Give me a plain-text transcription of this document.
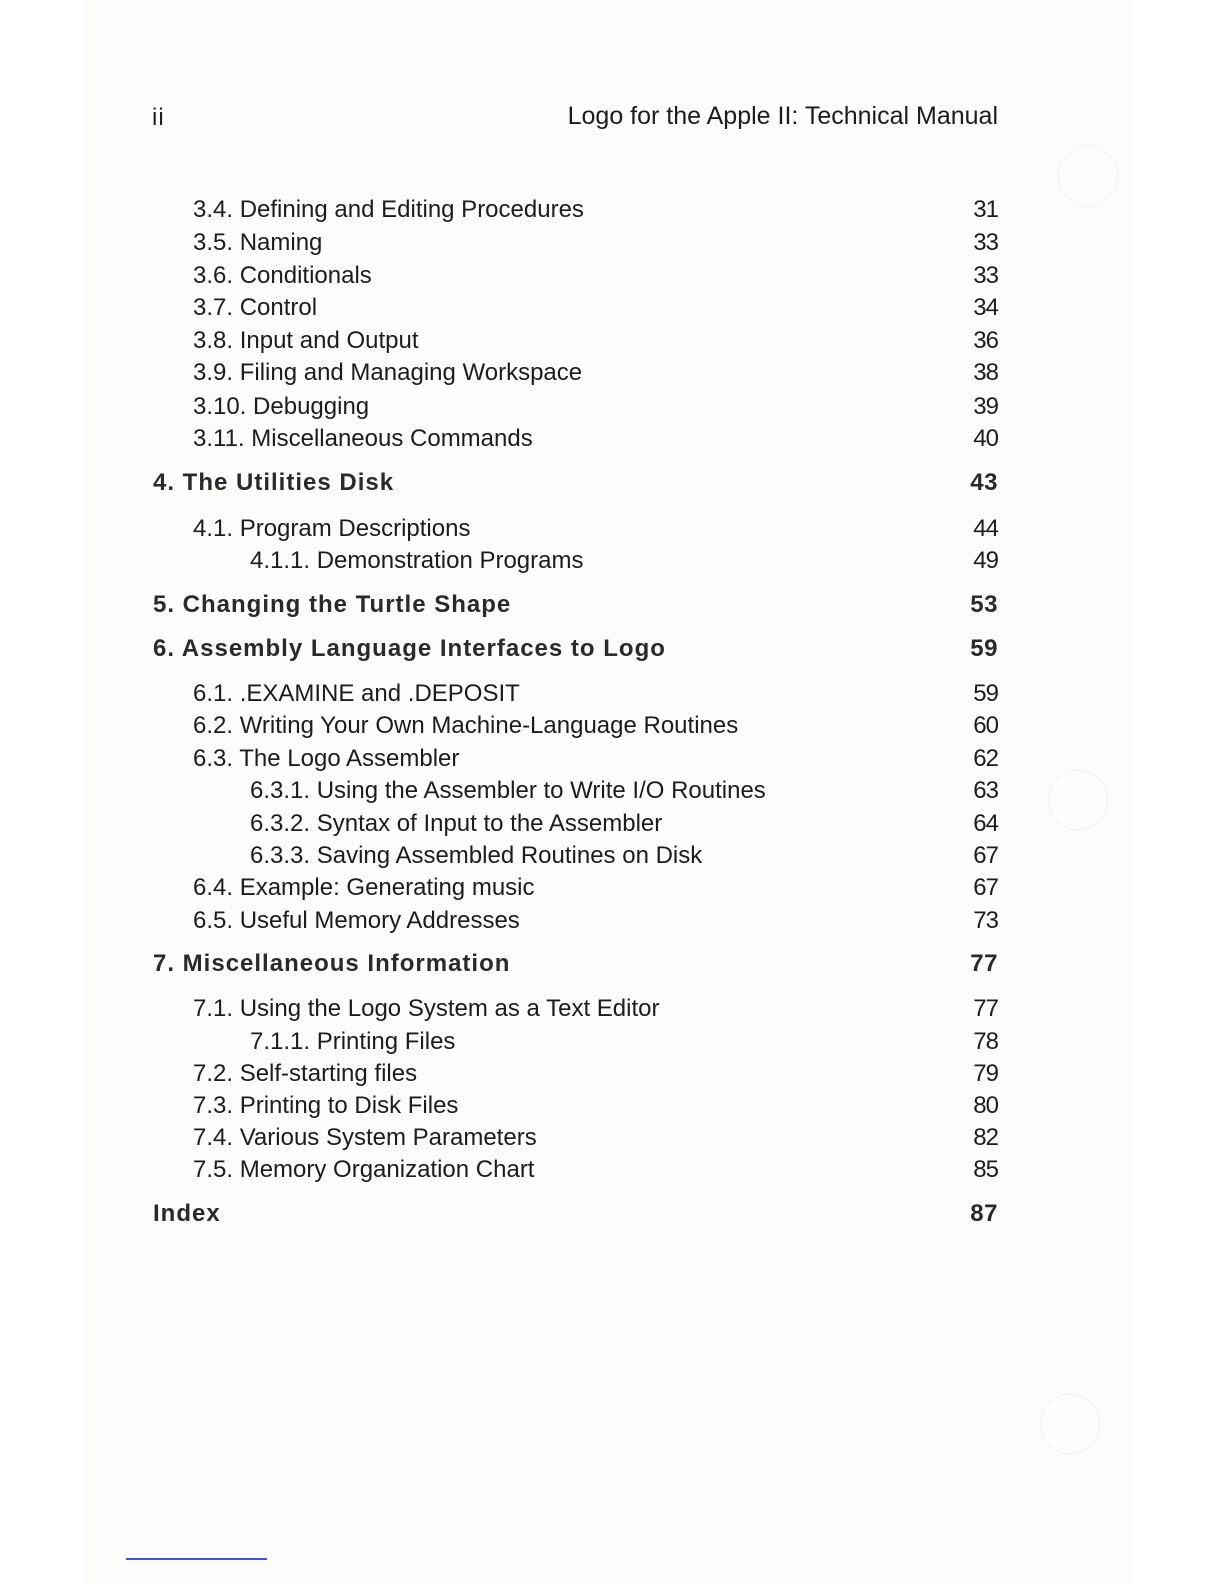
ii	Logo for the Apple II: Technical Manual
3.4. Defining and Editing Procedures	31
3.5. Naming	33
3.6. Conditionals	33
3.7. Control	34
3.8. Input and Output	36
3.9. Filing and Managing Workspace	38
3.10. Debugging	39
3.11. Miscellaneous Commands	40
4. The Utilities Disk	43
4.1. Program Descriptions	44
4.1.1. Demonstration Programs	49
5. Changing the Turtle Shape	53
6. Assembly Language Interfaces to Logo	59
6.1. .EXAMINE and .DEPOSIT	59
6.2. Writing Your Own Machine-Language Routines	60
6.3. The Logo Assembler	62
6.3.1. Using the Assembler to Write I/O Routines	63
6.3.2. Syntax of Input to the Assembler	64
6.3.3. Saving Assembled Routines on Disk	67
6.4. Example: Generating music	67
6.5. Useful Memory Addresses	73
7. Miscellaneous Information	77
7.1. Using the Logo System as a Text Editor	77
7.1.1. Printing Files	78
7.2. Self-starting files	79
7.3. Printing to Disk Files	80
7.4. Various System Parameters	82
7.5. Memory Organization Chart	85
Index	87
